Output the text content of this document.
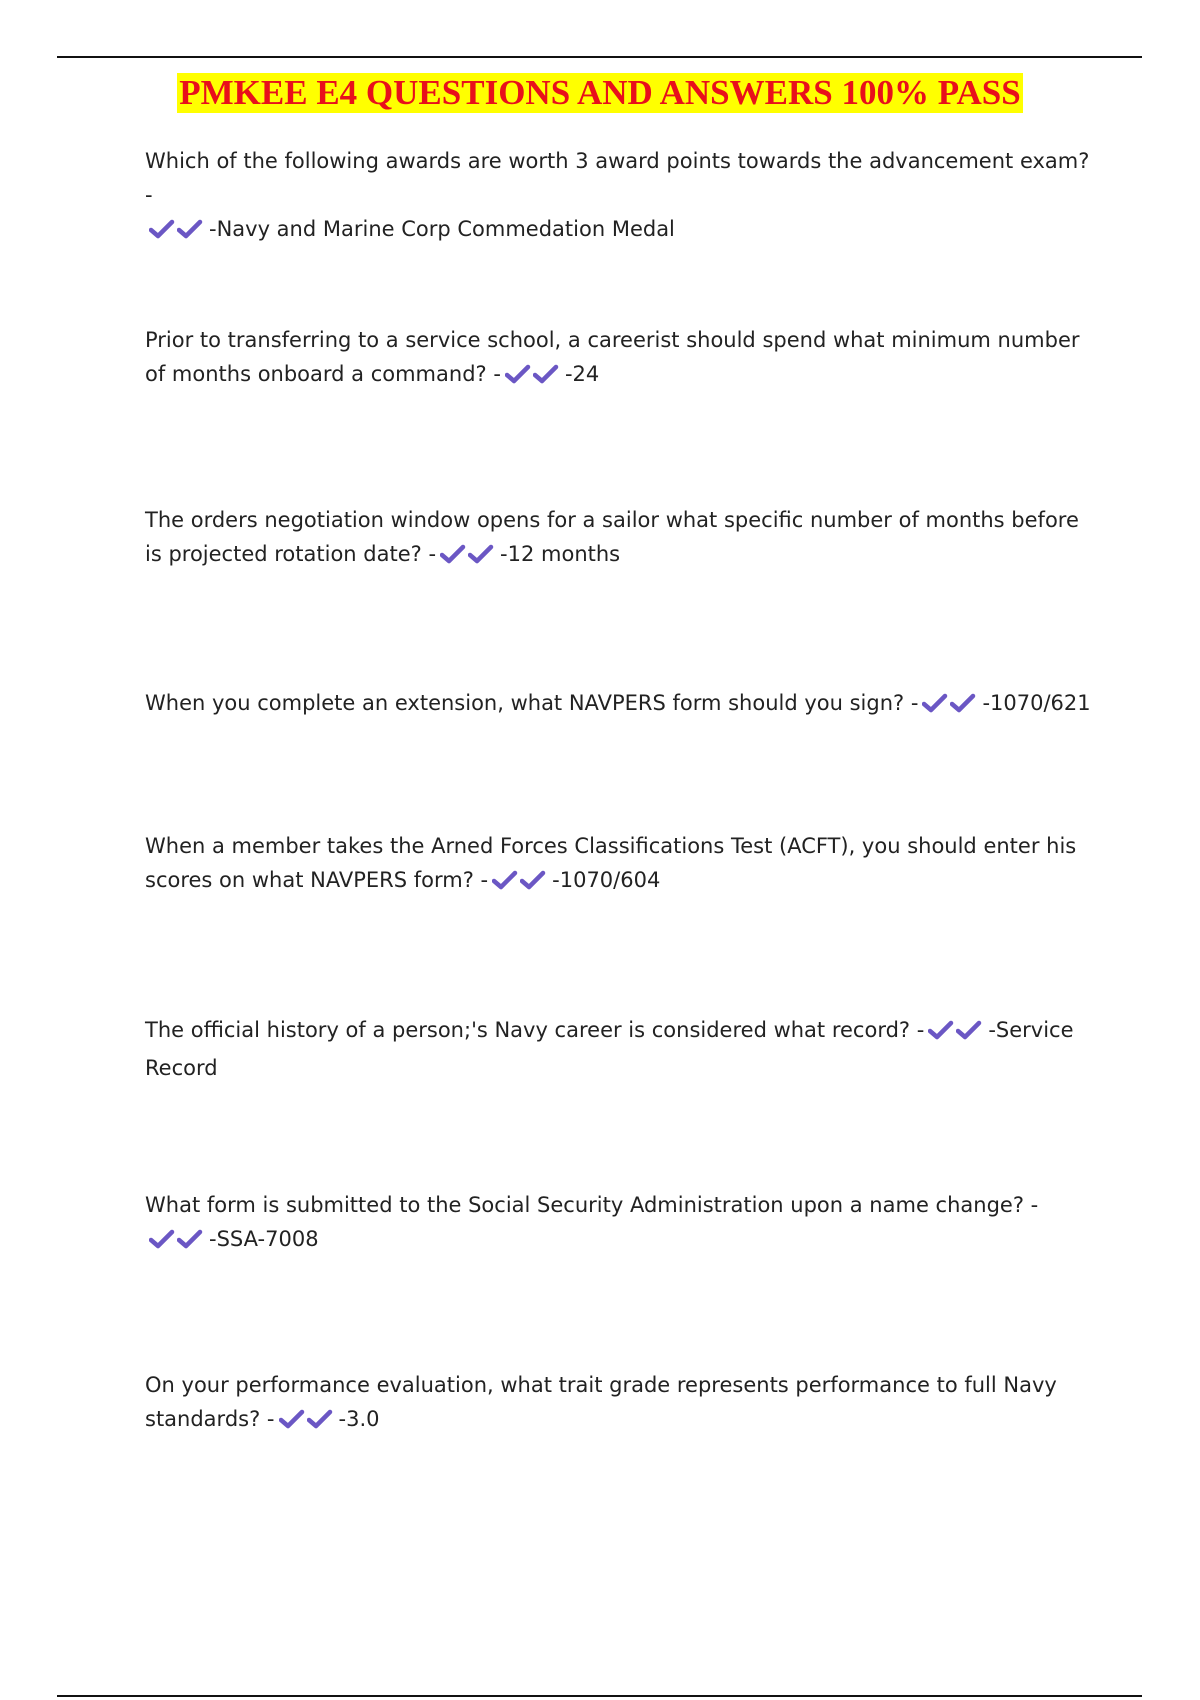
PMKEE E4 QUESTIONS AND ANSWERS 100% PASS
Which of the following awards are worth 3 award points towards the advancement exam? -

-Navy and Marine Corp Commedation Medal
Prior to transferring to a service school, a careerist should spend what minimum number of months onboard a command? -	-24
The orders negotiation window opens for a sailor what specific number of months before is projected rotation date? -	-12 months
When you complete an extension, what NAVPERS form should you sign? -	-1070/621
When a member takes the Arned Forces Classifications Test (ACFT), you should enter his scores on what NAVPERS form? -	-1070/604
The official history of a person;'s Navy career is considered what record? -	-Service Record
What form is submitted to the Social Security Administration upon a name change? -

-SSA-7008
On your performance evaluation, what trait grade represents performance to full Navy standards? -	-3.0
